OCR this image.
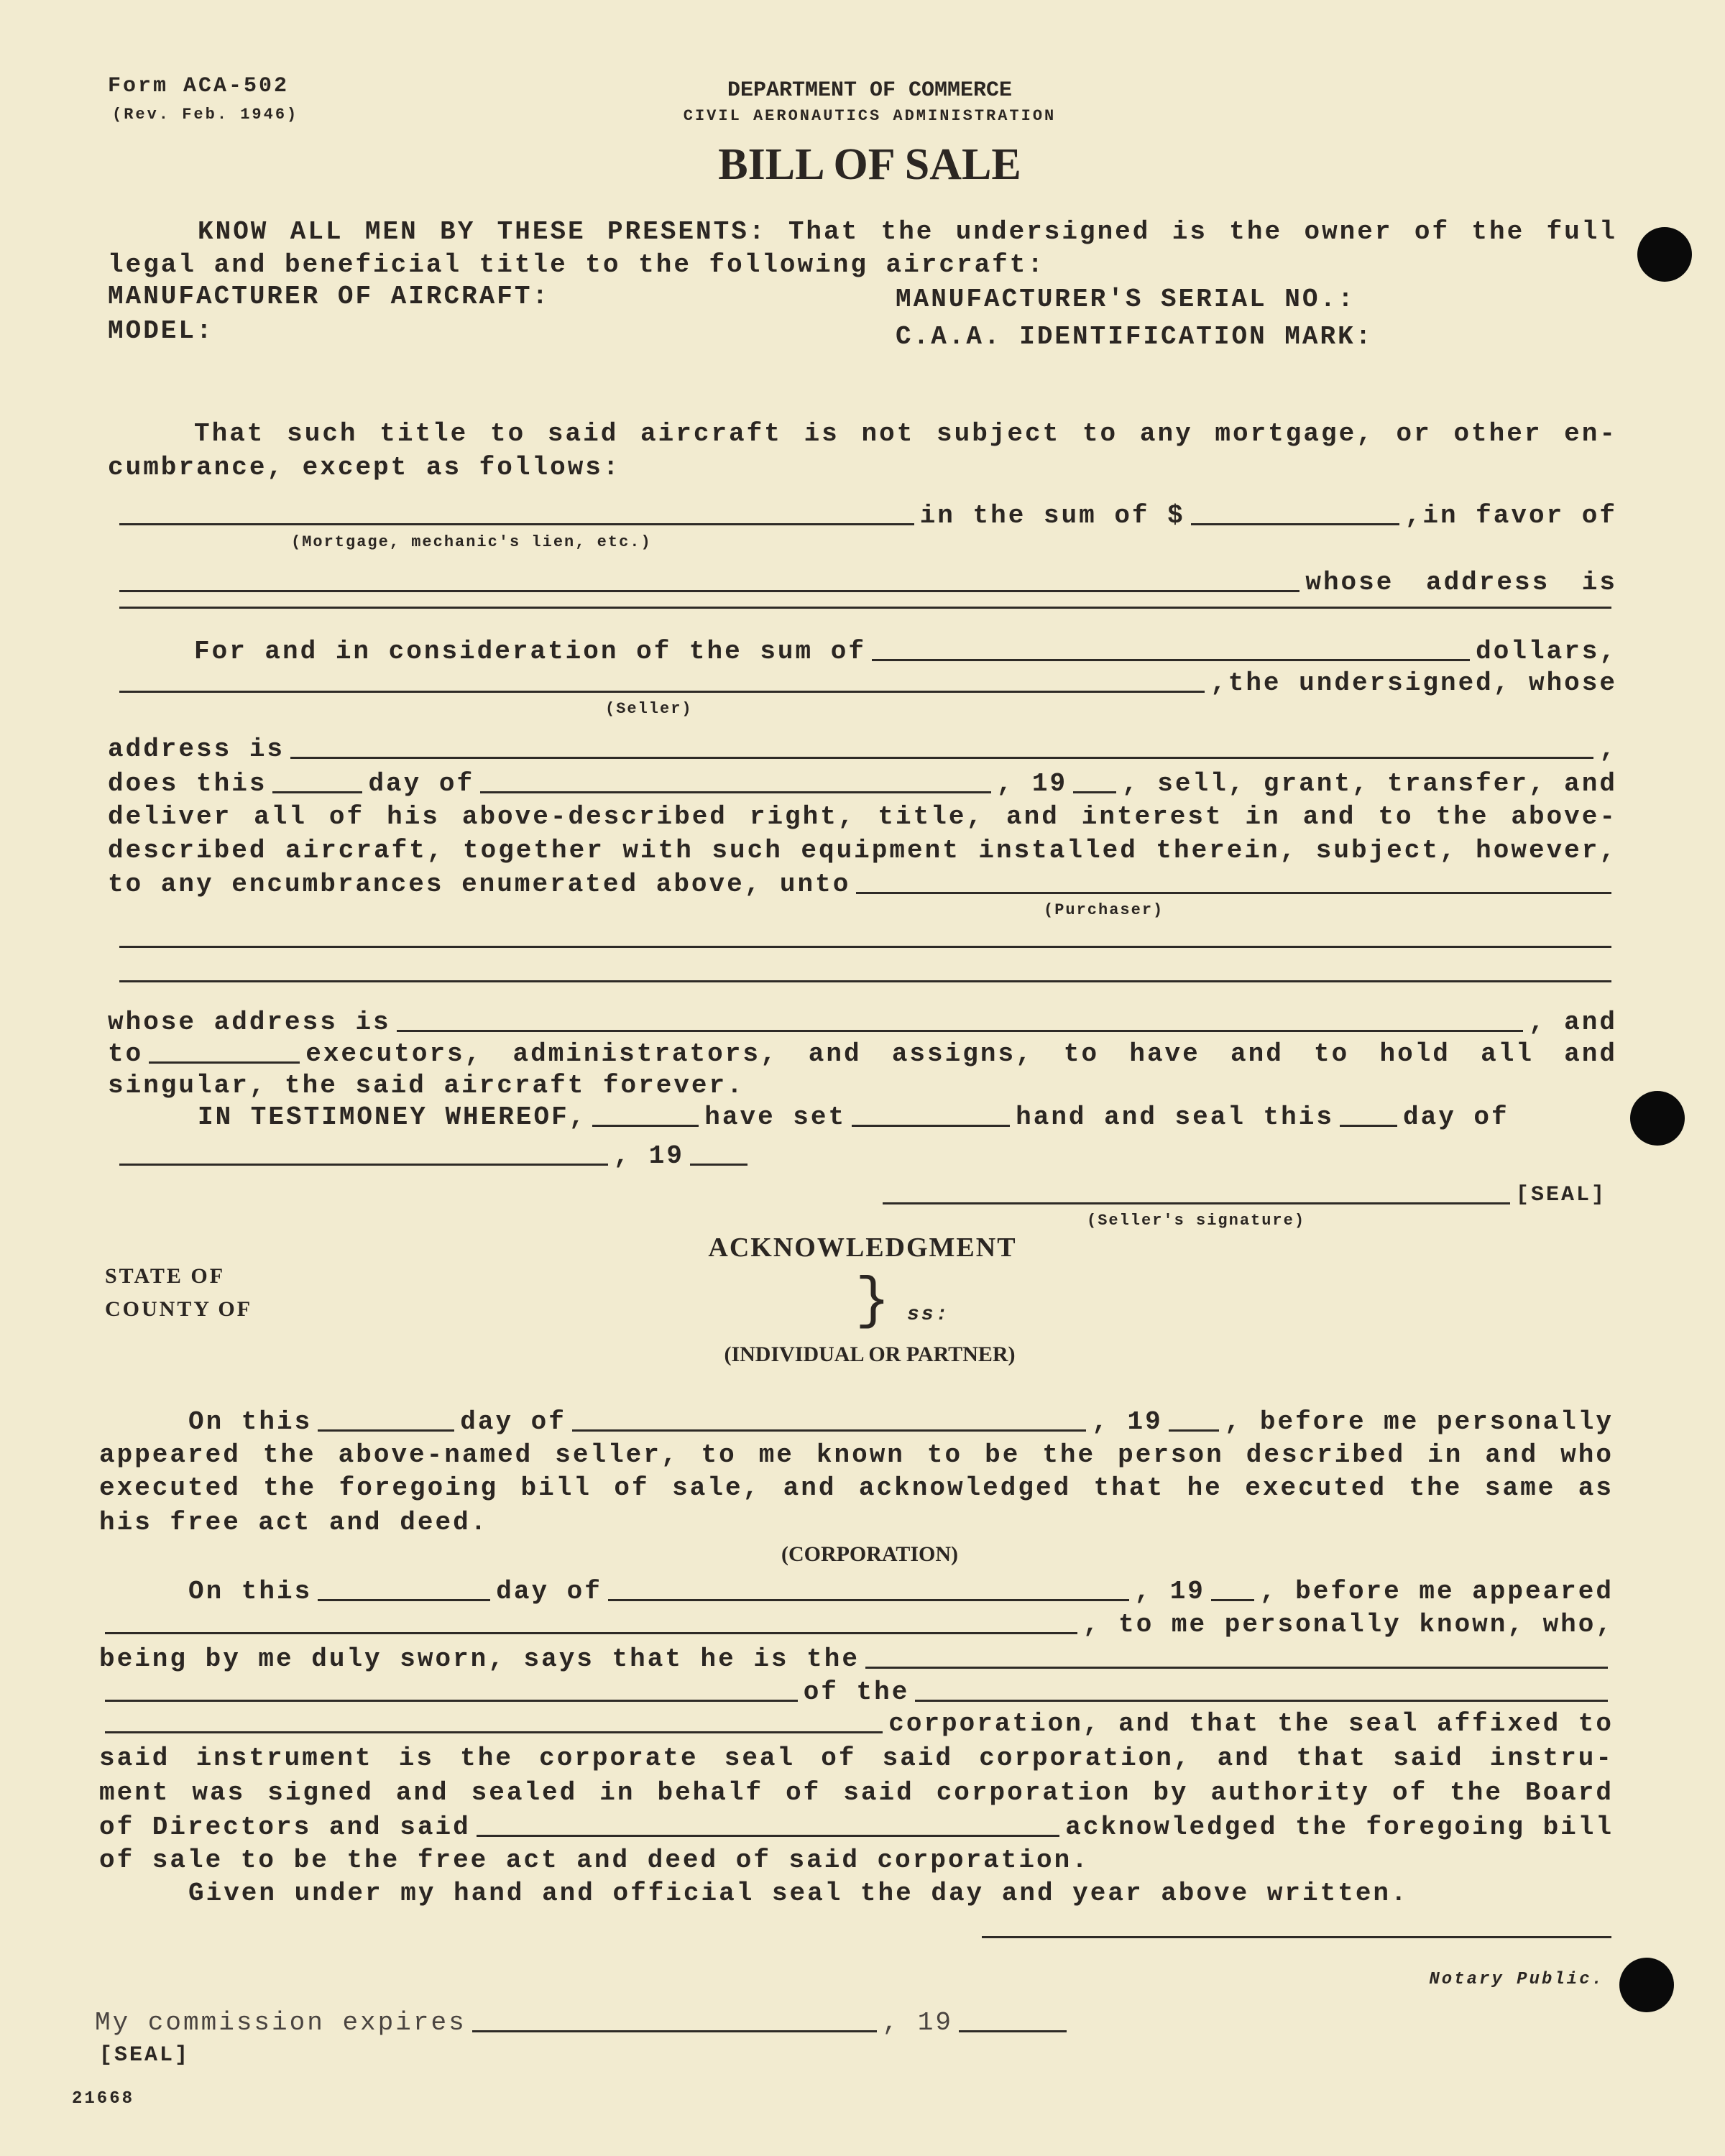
Form ACA-502
(Rev. Feb. 1946)
DEPARTMENT OF COMMERCE
CIVIL AERONAUTICS ADMINISTRATION
BILL OF SALE
KNOW ALL MEN BY THESE PRESENTS: That the undersigned is the owner of the full
legal and beneficial title to the following aircraft:
MANUFACTURER OF AIRCRAFT:	MANUFACTURER'S SERIAL NO.:
MODEL:	C.A.A. IDENTIFICATION MARK:
That such title to said aircraft is not subject to any mortgage, or other en-
cumbrance, except as follows:
in the sum of $	, in favor of
(Mortgage, mechanic's lien, etc.)
whose address is
For and in consideration of the sum of	dollars,
, the undersigned, whose
(Seller)
address is	,
does this	day of	, 19 , sell, grant, transfer, and
deliver all of his above-described right, title, and interest in and to the above-
described aircraft, together with such equipment installed therein, subject, however,
to any encumbrances enumerated above, unto
(Purchaser)
whose address is	, and
to	executors, administrators, and assigns, to have and to hold all and
singular, the said aircraft forever.
IN TESTIMONEY WHEREOF,	have set	hand and seal this	day of
, 19
[SEAL]
(Seller's signature)
ACKNOWLEDGMENT
STATE OF
COUNTY OF	} ss:
(INDIVIDUAL OR PARTNER)
On this	day of	, 19 , before me personally
appeared the above-named seller, to me known to be the person described in and who
executed the foregoing bill of sale, and acknowledged that he executed the same as
his free act and deed.
(CORPORATION)
On this	day of	, 19 , before me appeared
, to me personally known, who,
being by me duly sworn, says that he is the
of the
corporation, and that the seal affixed to
said instrument is the corporate seal of said corporation, and that said instru-
ment was signed and sealed in behalf of said corporation by authority of the Board
of Directors and said	acknowledged the foregoing bill
of sale to be the free act and deed of said corporation.
Given under my hand and official seal the day and year above written.
Notary Public.
My commission expires	, 19
[SEAL]
21668
